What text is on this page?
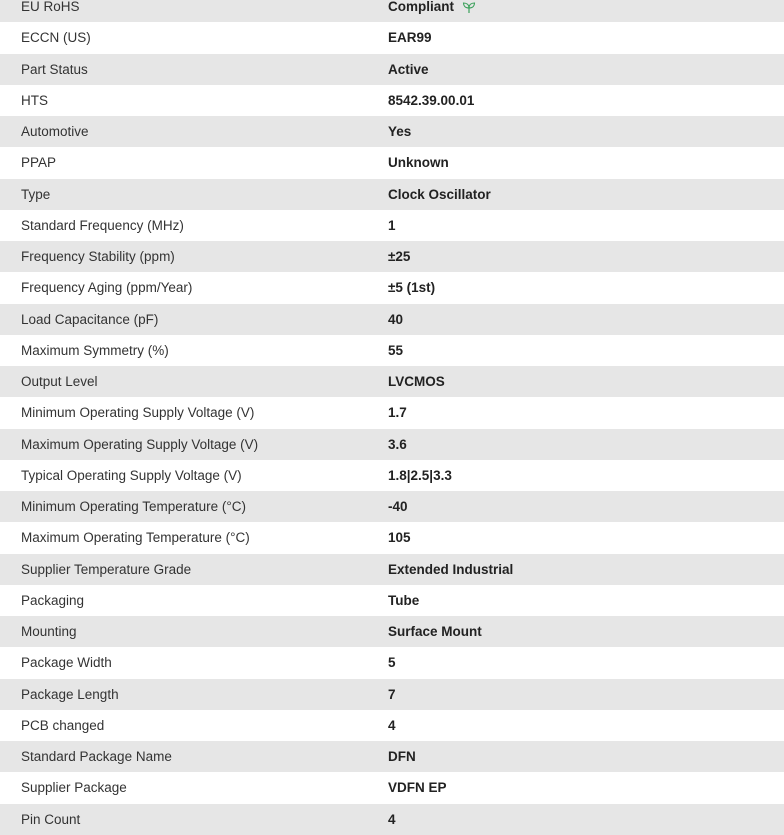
EU RoHS	Compliant
ECCN (US)	EAR99
Part Status	Active
HTS	8542.39.00.01
Automotive	Yes
PPAP	Unknown
Type	Clock Oscillator
Standard Frequency (MHz)	1
Frequency Stability (ppm)	±25
Frequency Aging (ppm/Year)	±5 (1st)
Load Capacitance (pF)	40
Maximum Symmetry (%)	55
Output Level	LVCMOS
Minimum Operating Supply Voltage (V)	1.7
Maximum Operating Supply Voltage (V)	3.6
Typical Operating Supply Voltage (V)	1.8|2.5|3.3
Minimum Operating Temperature (°C)	-40
Maximum Operating Temperature (°C)	105
Supplier Temperature Grade	Extended Industrial
Packaging	Tube
Mounting	Surface Mount
Package Width	5
Package Length	7
PCB changed	4
Standard Package Name	DFN
Supplier Package	VDFN EP
Pin Count	4
